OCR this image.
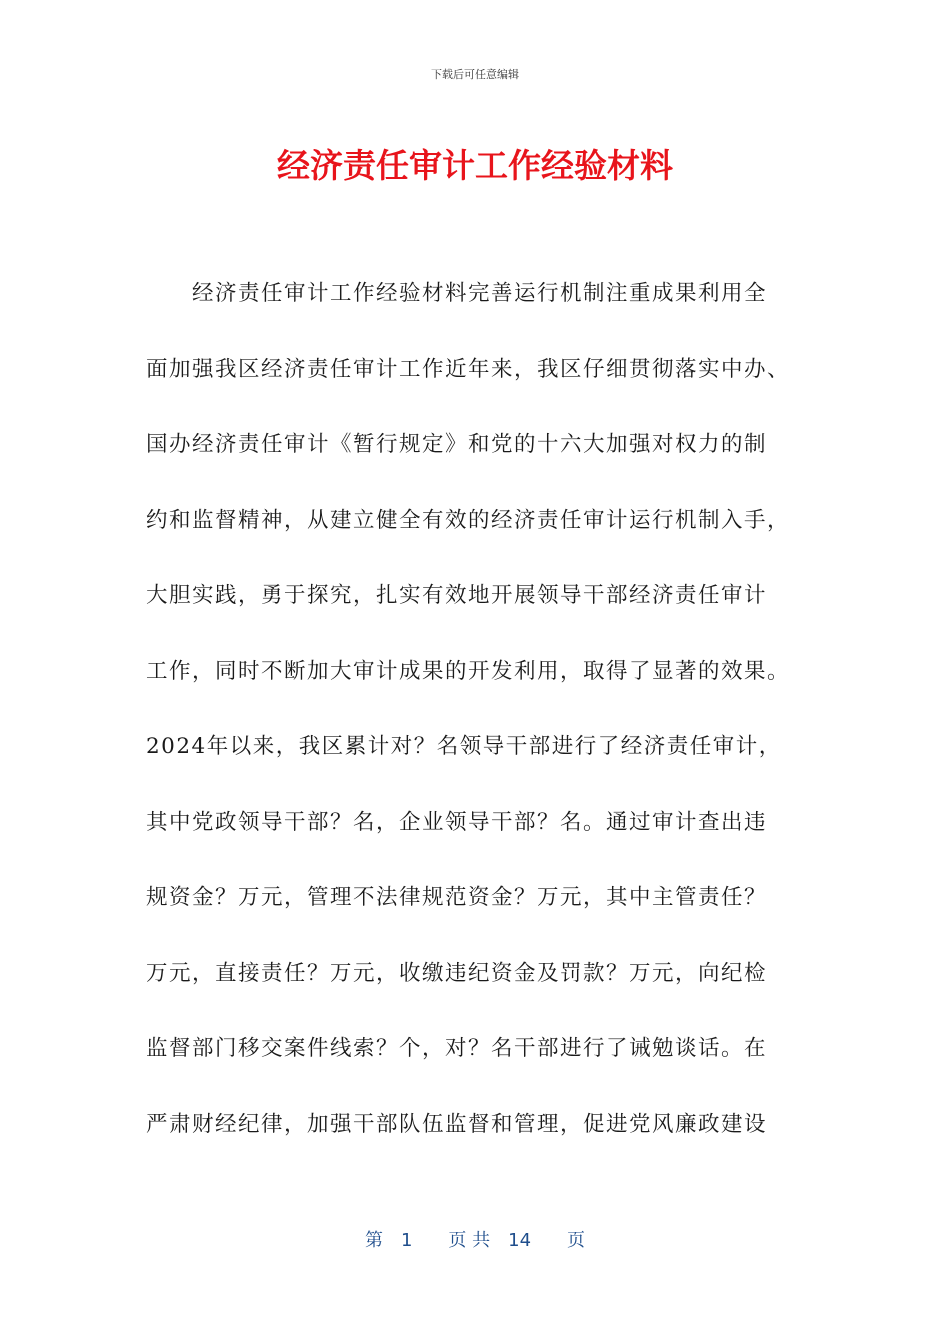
下载后可任意编辑
经济责任审计工作经验材料
经济责任审计工作经验材料完善运行机制注重成果利用全
面加强我区经济责任审计工作近年来，我区仔细贯彻落实中办、
国办经济责任审计《暂行规定》和党的十六大加强对权力的制
约和监督精神，从建立健全有效的经济责任审计运行机制入手，
大胆实践，勇于探究，扎实有效地开展领导干部经济责任审计
工作，同时不断加大审计成果的开发利用，取得了显著的效果。
2024年以来，我区累计对？名领导干部进行了经济责任审计，
其中党政领导干部？名，企业领导干部？名。通过审计查出违
规资金？万元，管理不法律规范资金？万元，其中主管责任？
万元，直接责任？万元，收缴违纪资金及罚款？万元，向纪检
监督部门移交案件线索？个，对？名干部进行了诫勉谈话。在
严肃财经纪律，加强干部队伍监督和管理，促进党风廉政建设
第 1 页 共 14 页
